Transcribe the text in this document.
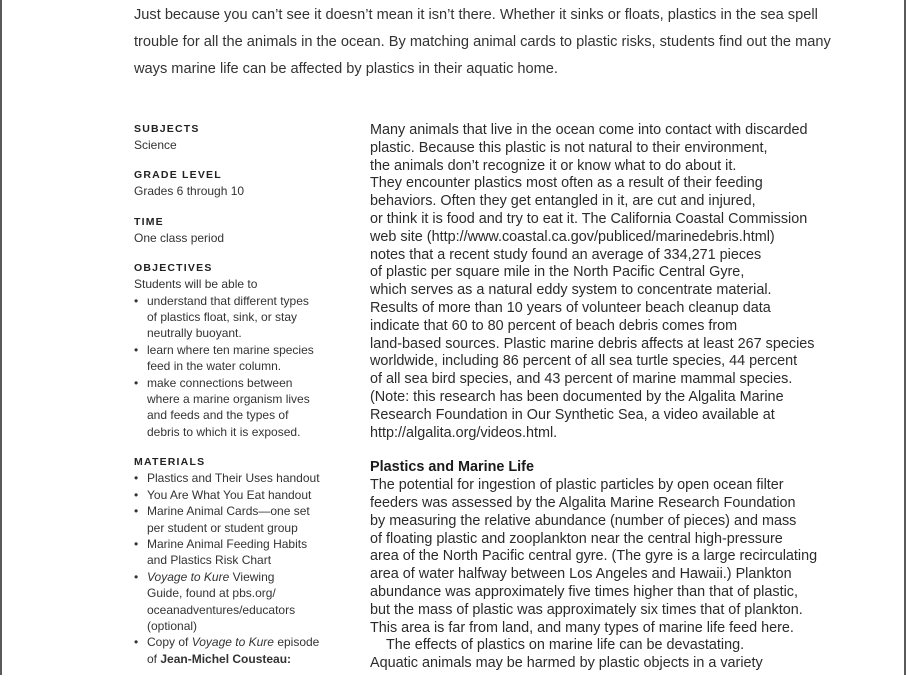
Just because you can’t see it doesn’t mean it isn’t there. Whether it sinks or floats, plastics in the sea spell
trouble for all the animals in the ocean. By matching animal cards to plastic risks, students find out the many
ways marine life can be affected by plastics in their aquatic home.
SUBJECTS
Science
GRADE LEVEL
Grades 6 through 10
TIME
One class period
OBJECTIVES
Students will be able to
• understand that different types
of plastics float, sink, or stay
neutrally buoyant.
• learn where ten marine species
feed in the water column.
• make connections between
where a marine organism lives
and feeds and the types of
debris to which it is exposed.
MATERIALS
• Plastics and Their Uses handout
• You Are What You Eat handout
• Marine Animal Cards—one set
per student or student group
• Marine Animal Feeding Habits
and Plastics Risk Chart
• Voyage to Kure Viewing
Guide, found at pbs.org/
oceanadventures/educators
(optional)
• Copy of Voyage to Kure episode
of Jean-Michel Cousteau:
Many animals that live in the ocean come into contact with discarded
plastic. Because this plastic is not natural to their environment,
the animals don’t recognize it or know what to do about it.
They encounter plastics most often as a result of their feeding
behaviors. Often they get entangled in it, are cut and injured,
or think it is food and try to eat it. The California Coastal Commission
web site (http://www.coastal.ca.gov/publiced/marinedebris.html)
notes that a recent study found an average of 334,271 pieces
of plastic per square mile in the North Pacific Central Gyre,
which serves as a natural eddy system to concentrate material.
Results of more than 10 years of volunteer beach cleanup data
indicate that 60 to 80 percent of beach debris comes from
land-based sources. Plastic marine debris affects at least 267 species
worldwide, including 86 percent of all sea turtle species, 44 percent
of all sea bird species, and 43 percent of marine mammal species.
(Note: this research has been documented by the Algalita Marine
Research Foundation in Our Synthetic Sea, a video available at
http://algalita.org/videos.html.
Plastics and Marine Life
The potential for ingestion of plastic particles by open ocean filter
feeders was assessed by the Algalita Marine Research Foundation
by measuring the relative abundance (number of pieces) and mass
of floating plastic and zooplankton near the central high-pressure
area of the North Pacific central gyre. (The gyre is a large recirculating
area of water halfway between Los Angeles and Hawaii.) Plankton
abundance was approximately five times higher than that of plastic,
but the mass of plastic was approximately six times that of plankton.
This area is far from land, and many types of marine life feed here.
The effects of plastics on marine life can be devastating.
Aquatic animals may be harmed by plastic objects in a variety
